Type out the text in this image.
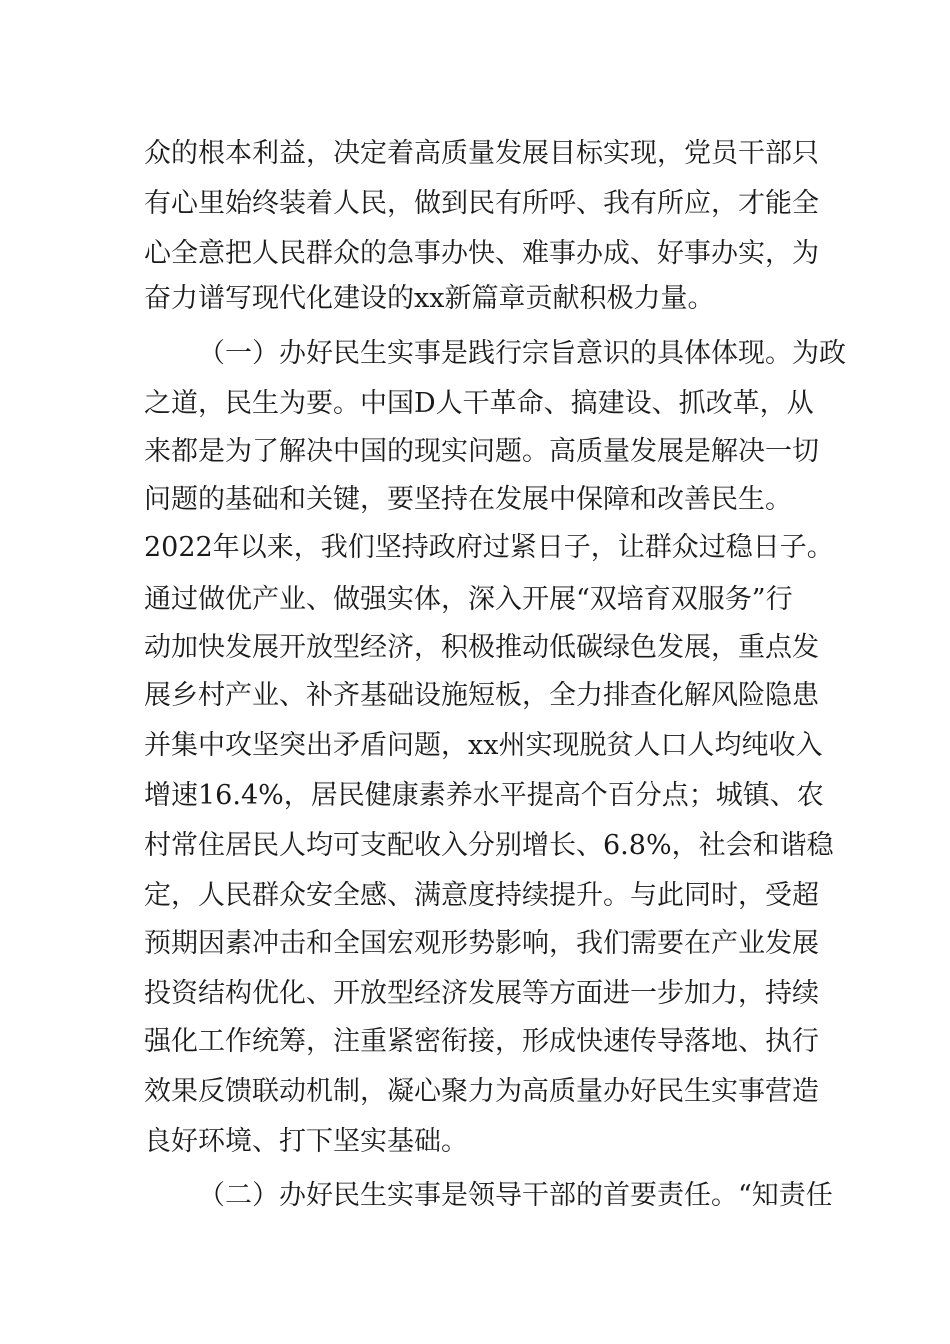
众的根本利益，决定着高质量发展目标实现，党员干部只
有心里始终装着人民，做到民有所呼、我有所应，才能全
心全意把人民群众的急事办快、难事办成、好事办实，为
奋力谱写现代化建设的xx新篇章贡献积极力量。
（一）办好民生实事是践行宗旨意识的具体体现。为政
之道，民生为要。中国D人干革命、搞建设、抓改革，从
来都是为了解决中国的现实问题。高质量发展是解决一切
问题的基础和关键，要坚持在发展中保障和改善民生。
2022年以来，我们坚持政府过紧日子，让群众过稳日子。
通过做优产业、做强实体，深入开展“双培育双服务”行
动加快发展开放型经济，积极推动低碳绿色发展，重点发
展乡村产业、补齐基础设施短板，全力排查化解风险隐患
并集中攻坚突出矛盾问题，xx州实现脱贫人口人均纯收入
增速16.4%，居民健康素养水平提高个百分点；城镇、农
村常住居民人均可支配收入分别增长、6.8%，社会和谐稳
定，人民群众安全感、满意度持续提升。与此同时，受超
预期因素冲击和全国宏观形势影响，我们需要在产业发展
投资结构优化、开放型经济发展等方面进一步加力，持续
强化工作统筹，注重紧密衔接，形成快速传导落地、执行
效果反馈联动机制，凝心聚力为高质量办好民生实事营造
良好环境、打下坚实基础。
（二）办好民生实事是领导干部的首要责任。“知责任
